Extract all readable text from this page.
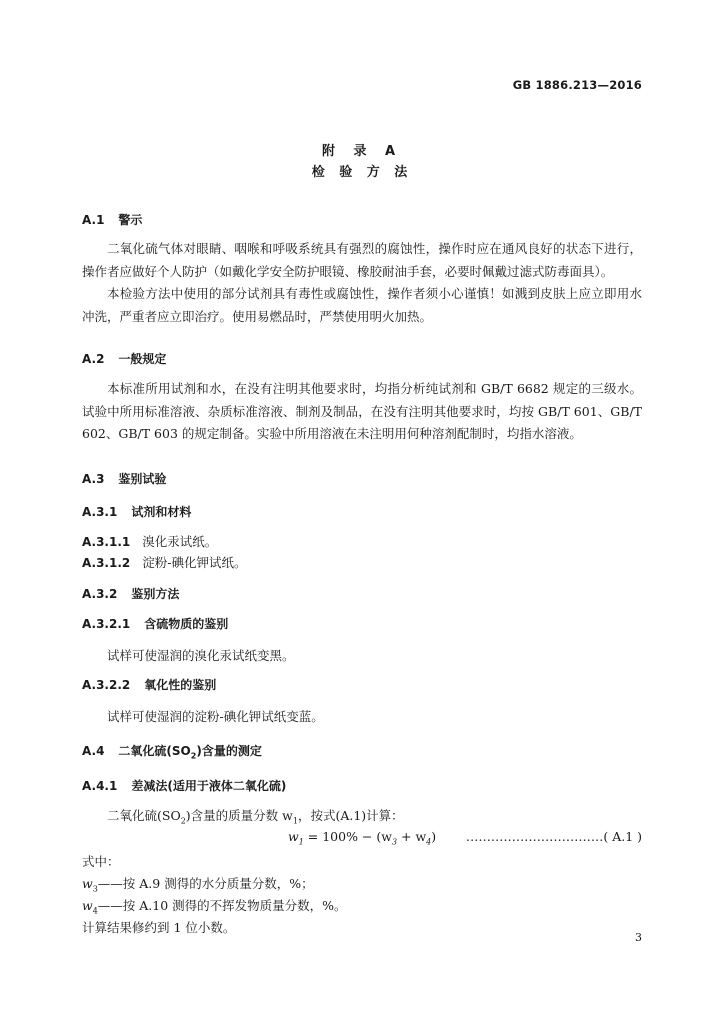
GB 1886.213—2016
附 录 A
检 验 方 法
A.1 警示
二氧化硫气体对眼睛、咽喉和呼吸系统具有强烈的腐蚀性，操作时应在通风良好的状态下进行，操作者应做好个人防护（如戴化学安全防护眼镜、橡胶耐油手套，必要时佩戴过滤式防毒面具）。
本检验方法中使用的部分试剂具有毒性或腐蚀性，操作者须小心谨慎！如溅到皮肤上应立即用水冲洗，严重者应立即治疗。使用易燃品时，严禁使用明火加热。
A.2 一般规定
本标准所用试剂和水，在没有注明其他要求时，均指分析纯试剂和 GB/T 6682 规定的三级水。试验中所用标准溶液、杂质标准溶液、制剂及制品，在没有注明其他要求时，均按 GB/T 601、GB/T 602、GB/T 603 的规定制备。实验中所用溶液在未注明用何种溶剂配制时，均指水溶液。
A.3 鉴别试验
A.3.1 试剂和材料
A.3.1.1 溴化汞试纸。
A.3.1.2 淀粉-碘化钾试纸。
A.3.2 鉴别方法
A.3.2.1 含硫物质的鉴别
试样可使湿润的溴化汞试纸变黑。
A.3.2.2 氧化性的鉴别
试样可使湿润的淀粉-碘化钾试纸变蓝。
A.4 二氧化硫$(SO_2)$含量的测定
A.4.1 差减法(适用于液体二氧化硫)
二氧化硫$(SO_2)$含量的质量分数 $w_1$，按式(A.1)计算：
$w_1 = 100\% - (w_3 + w_4)$ ……………………………( A.1 )
式中：
$w_3——$按 A.9 测得的水分质量分数，%；
$w_4——$按 A.10 测得的不挥发物质量分数，%。
计算结果修约到 1 位小数。
3
